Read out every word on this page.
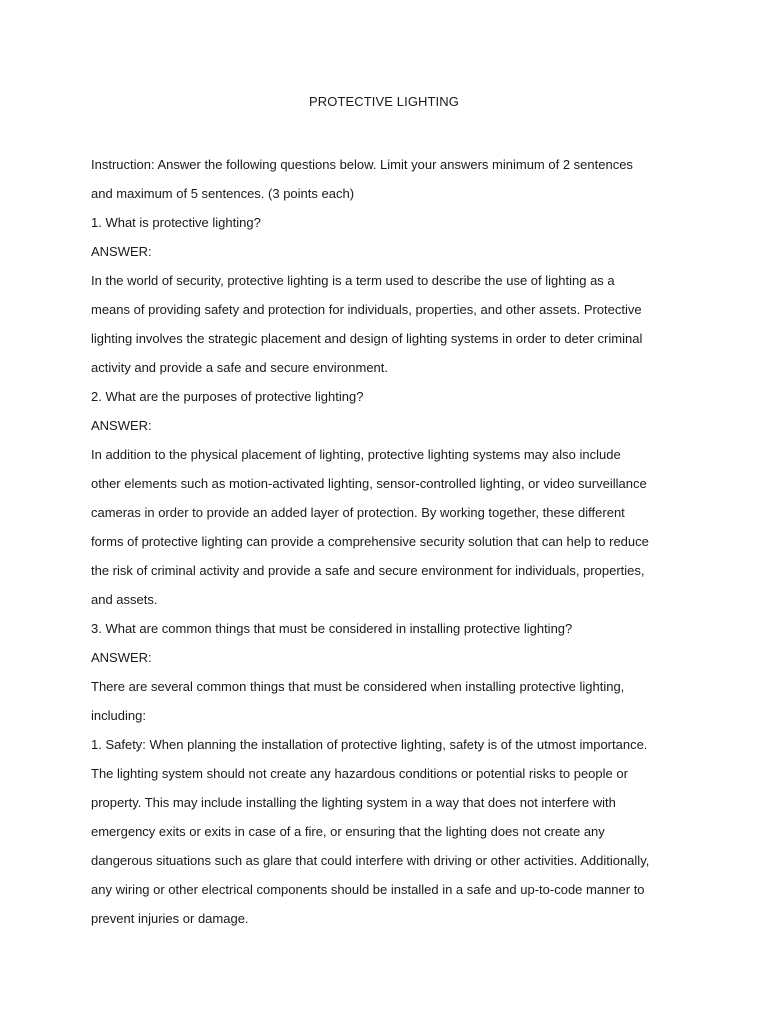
PROTECTIVE LIGHTING

Instruction: Answer the following questions below. Limit your answers minimum of 2 sentences and maximum of 5 sentences. (3 points each)

1. What is protective lighting?

ANSWER:

In the world of security, protective lighting is a term used to describe the use of lighting as a means of providing safety and protection for individuals, properties, and other assets. Protective lighting involves the strategic placement and design of lighting systems in order to deter criminal activity and provide a safe and secure environment.

2. What are the purposes of protective lighting?

ANSWER:

In addition to the physical placement of lighting, protective lighting systems may also include other elements such as motion-activated lighting, sensor-controlled lighting, or video surveillance cameras in order to provide an added layer of protection. By working together, these different forms of protective lighting can provide a comprehensive security solution that can help to reduce the risk of criminal activity and provide a safe and secure environment for individuals, properties, and assets.

3. What are common things that must be considered in installing protective lighting?

ANSWER:

There are several common things that must be considered when installing protective lighting, including:

1. Safety: When planning the installation of protective lighting, safety is of the utmost importance. The lighting system should not create any hazardous conditions or potential risks to people or property. This may include installing the lighting system in a way that does not interfere with emergency exits or exits in case of a fire, or ensuring that the lighting does not create any dangerous situations such as glare that could interfere with driving or other activities. Additionally, any wiring or other electrical components should be installed in a safe and up-to-code manner to prevent injuries or damage.
